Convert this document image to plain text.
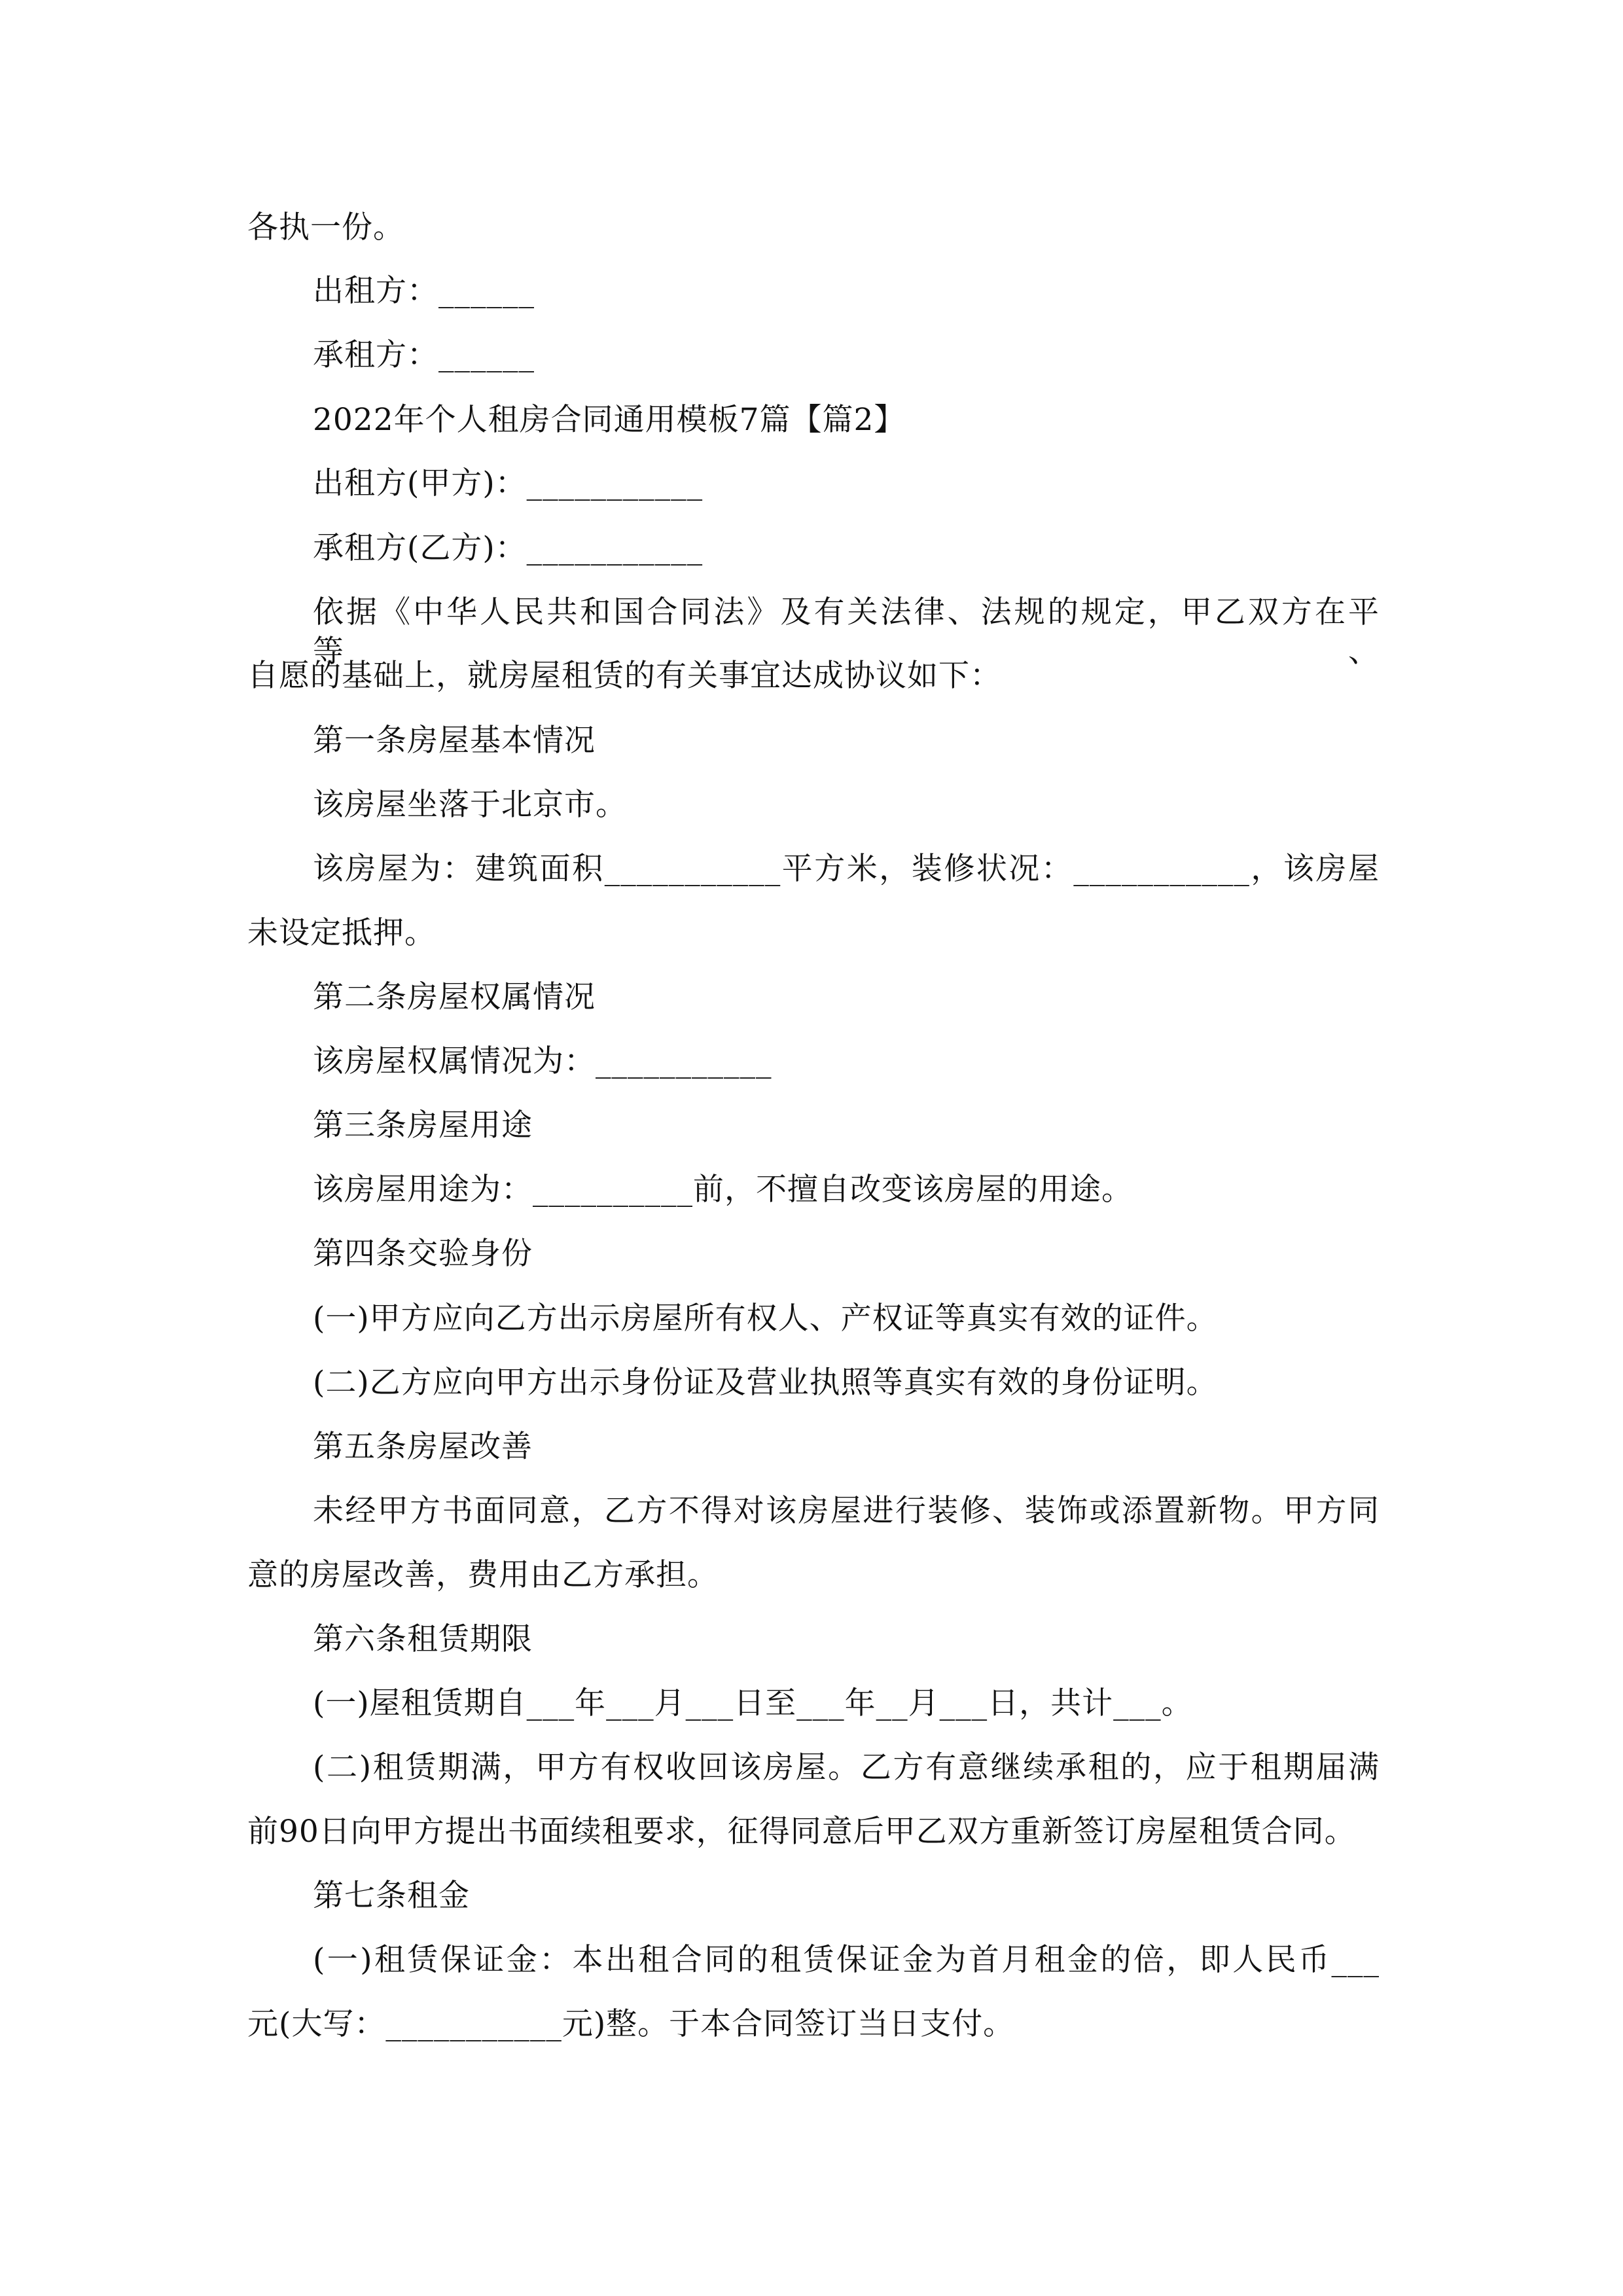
各执一份。
出租方：______
承租方：______
2022年个人租房合同通用模板7篇【篇2】
出租方(甲方)：___________
承租方(乙方)：___________
依据《中华人民共和国合同法》及有关法律、法规的规定，甲乙双方在平等、
自愿的基础上，就房屋租赁的有关事宜达成协议如下：
第一条房屋基本情况
该房屋坐落于北京市。
该房屋为：建筑面积___________平方米，装修状况：___________，该房屋
未设定抵押。
第二条房屋权属情况
该房屋权属情况为：___________
第三条房屋用途
该房屋用途为：__________前，不擅自改变该房屋的用途。
第四条交验身份
(一)甲方应向乙方出示房屋所有权人、产权证等真实有效的证件。
(二)乙方应向甲方出示身份证及营业执照等真实有效的身份证明。
第五条房屋改善
未经甲方书面同意，乙方不得对该房屋进行装修、装饰或添置新物。甲方同
意的房屋改善，费用由乙方承担。
第六条租赁期限
(一)屋租赁期自___年___月___日至___年__月___日，共计___。
(二)租赁期满，甲方有权收回该房屋。乙方有意继续承租的，应于租期届满
前90日向甲方提出书面续租要求，征得同意后甲乙双方重新签订房屋租赁合同。
第七条租金
(一)租赁保证金：本出租合同的租赁保证金为首月租金的倍，即人民币___
元(大写：___________元)整。于本合同签订当日支付。
